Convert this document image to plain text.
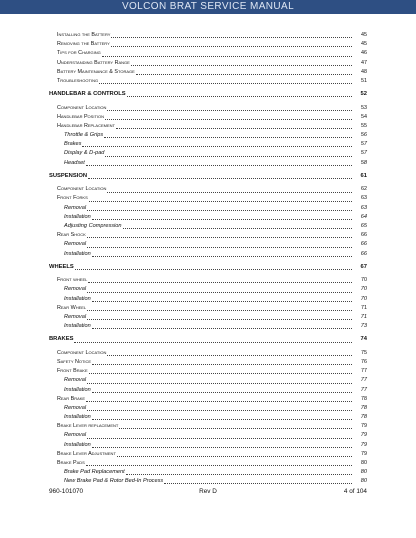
VOLCON BRAT SERVICE MANUAL
Installing the Battery	45
Removing the Battery	45
Tips for Charging	46
Understanding Battery Range	47
Battery Maintenance & Storage	48
Troubleshooting	51
HANDLEBAR & CONTROLS	52
Component Location	53
Handlebar Position	54
Handlebar Replacement	55
Throttle & Grips	56
Brakes	57
Display & D-pad	57
Headset	58
SUSPENSION	61
Component Location	62
Front Forks	63
Removal	63
Installation	64
Adjusting Compression	65
Rear Shock	66
Removal	66
Installation	66
WHEELS	67
Front wheel	70
Removal	70
Installation	70
Rear Wheel	71
Removal	71
Installation	73
BRAKES	74
Component Location	75
Safety Notice	76
Front Brake	77
Removal	77
Installation	77
Rear Brake	78
Removal	78
Installation	78
Brake Lever replacement	79
Removal	79
Installation	79
Brake Lever Adjustment	79
Brake Pads	80
Brake Pad Replacement	80
New Brake Pad & Rotor Bed-In Process	80
960-101070	Rev D	4 of 104
